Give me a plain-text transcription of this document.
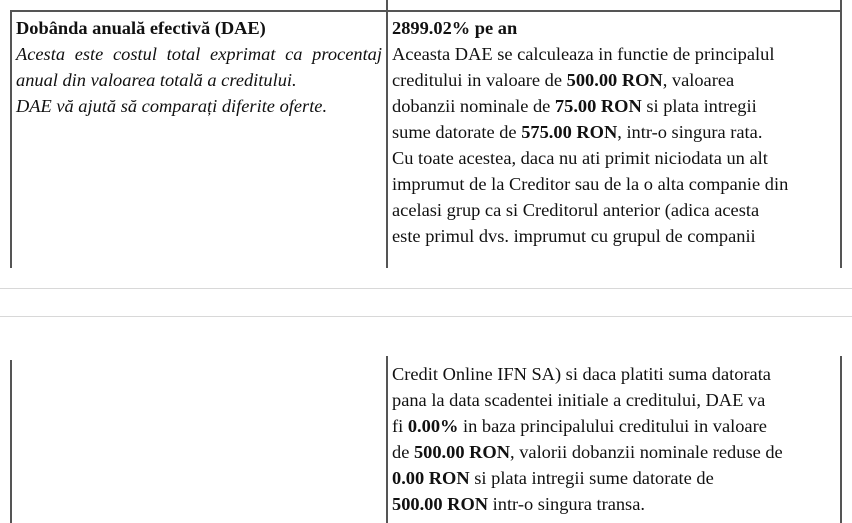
Dobânda anuală efectivă (DAE)
Acesta este costul total exprimat ca procentaj anual din valoarea totală a creditului.
DAE vă ajută să comparați diferite oferte.
2899.02% pe an
Aceasta DAE se calculeaza in functie de principalul
creditului in valoare de 500.00 RON, valoarea
dobanzii nominale de 75.00 RON si plata intregii
sume datorate de 575.00 RON, intr-o singura rata.
Cu toate acestea, daca nu ati primit niciodata un alt
imprumut de la Creditor sau de la o alta companie din
acelasi grup ca si Creditorul anterior (adica acesta
este primul dvs. imprumut cu grupul de companii
Credit Online IFN SA) si daca platiti suma datorata
pana la data scadentei initiale a creditului, DAE va
fi 0.00% in baza principalului creditului in valoare
de 500.00 RON, valorii dobanzii nominale reduse de
0.00 RON si plata intregii sume datorate de
500.00 RON intr-o singura transa.
